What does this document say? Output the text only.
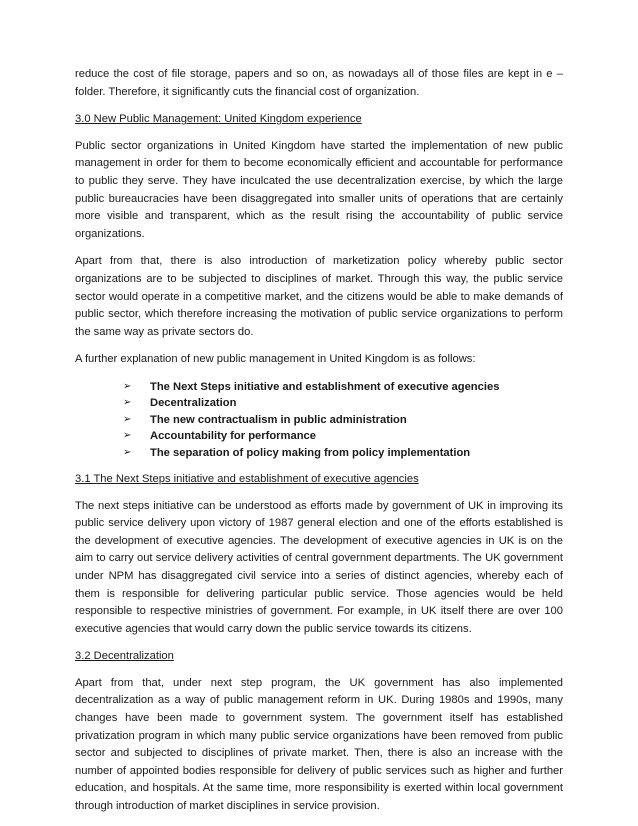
reduce the cost of file storage, papers and so on, as nowadays all of those files are kept in e – folder. Therefore, it significantly cuts the financial cost of organization.

3.0 New Public Management: United Kingdom experience

Public sector organizations in United Kingdom have started the implementation of new public management in order for them to become economically efficient and accountable for performance to public they serve. They have inculcated the use decentralization exercise, by which the large public bureaucracies have been disaggregated into smaller units of operations that are certainly more visible and transparent, which as the result rising the accountability of public service organizations.

Apart from that, there is also introduction of marketization policy whereby public sector organizations are to be subjected to disciplines of market. Through this way, the public service sector would operate in a competitive market, and the citizens would be able to make demands of public sector, which therefore increasing the motivation of public service organizations to perform the same way as private sectors do.

A further explanation of new public management in United Kingdom is as follows:

➢ The Next Steps initiative and establishment of executive agencies
➢ Decentralization
➢ The new contractualism in public administration
➢ Accountability for performance
➢ The separation of policy making from policy implementation
3.1 The Next Steps initiative and establishment of executive agencies

The next steps initiative can be understood as efforts made by government of UK in improving its public service delivery upon victory of 1987 general election and one of the efforts established is the development of executive agencies. The development of executive agencies in UK is on the aim to carry out service delivery activities of central government departments. The UK government under NPM has disaggregated civil service into a series of distinct agencies, whereby each of them is responsible for delivering particular public service. Those agencies would be held responsible to respective ministries of government. For example, in UK itself there are over 100 executive agencies that would carry down the public service towards its citizens.

3.2 Decentralization

Apart from that, under next step program, the UK government has also implemented decentralization as a way of public management reform in UK. During 1980s and 1990s, many changes have been made to government system. The government itself has established privatization program in which many public service organizations have been removed from public sector and subjected to disciplines of private market. Then, there is also an increase with the number of appointed bodies responsible for delivery of public services such as higher and further education, and hospitals. At the same time, more responsibility is exerted within local government through introduction of market disciplines in service provision.
